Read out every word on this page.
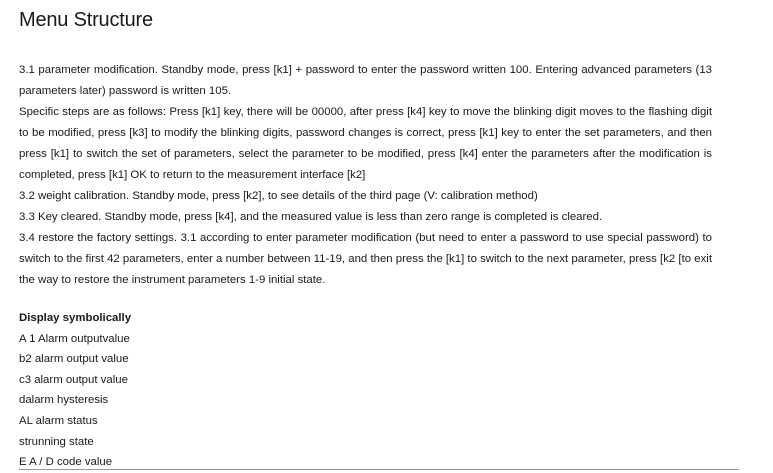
Menu Structure

3.1 parameter modification. Standby mode, press [k1] + password to enter the password written 100. Entering advanced parameters (13 parameters later) password is written 105.

Specific steps are as follows: Press [k1] key, there will be 00000, after press [k4] key to move the blinking digit moves to the flashing digit to be modified, press [k3] to modify the blinking digits, password changes is correct, press [k1] key to enter the set parameters, and then press [k1] to switch the set of parameters, select the parameter to be modified, press [k4] enter the parameters after the modification is completed, press [k1] OK to return to the measurement interface [k2]

3.2 weight calibration. Standby mode, press [k2], to see details of the third page (V: calibration method)

3.3 Key cleared. Standby mode, press [k4], and the measured value is less than zero range is completed is cleared.

3.4 restore the factory settings. 3.1 according to enter parameter modification (but need to enter a password to use special password) to switch to the first 42 parameters, enter a number between 11-19, and then press the [k1] to switch to the next parameter, press [k2 [to exit the way to restore the instrument parameters 1-9 initial state.

Display symbolically

A 1 Alarm outputvalue
b2 alarm output value
c3 alarm output value
dalarm hysteresis
AL alarm status
strunning state
E A / D code value
